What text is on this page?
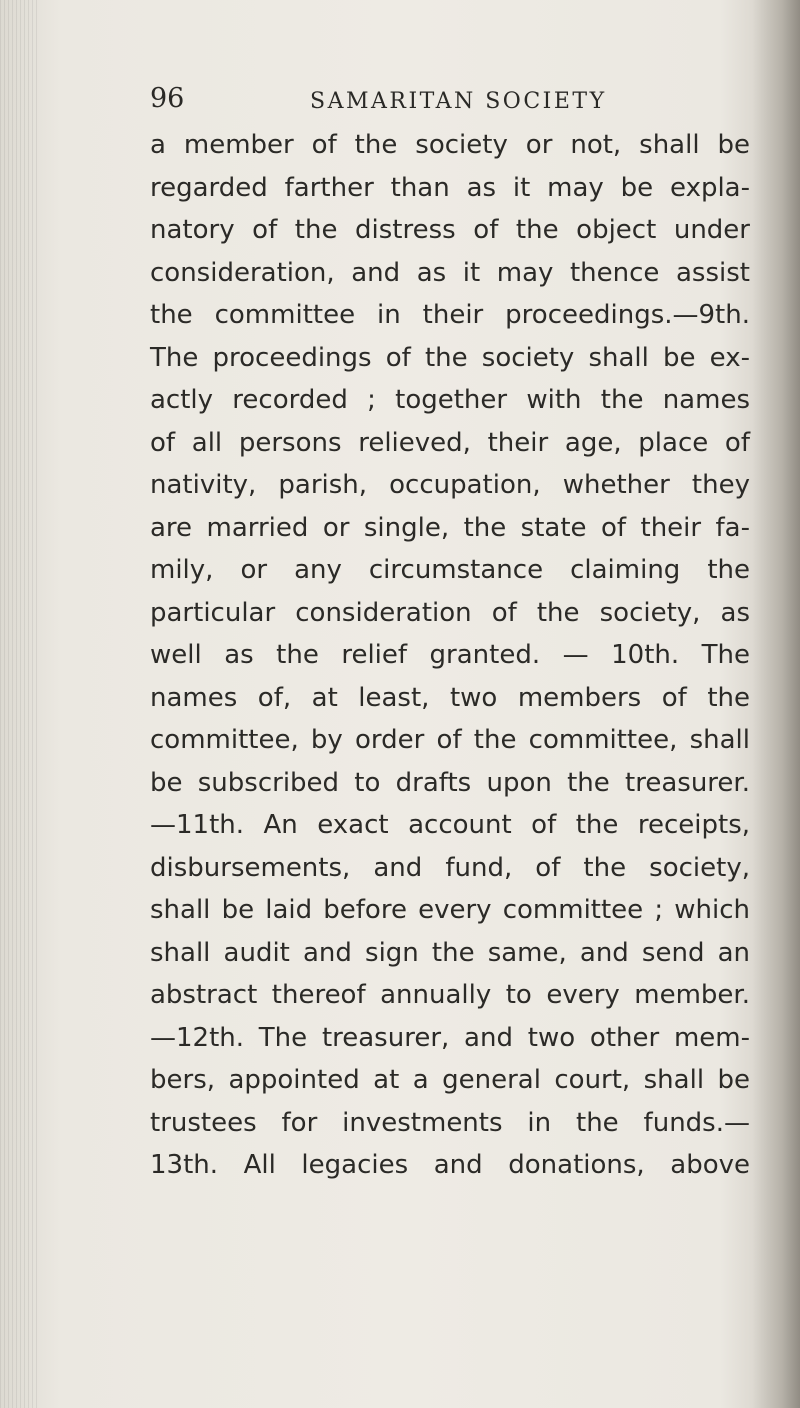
96	SAMARITAN SOCIETY
a member of the society or not, shall be
regarded farther than as it may be expla-
natory of the distress of the object under
consideration, and as it may thence assist
the committee in their proceedings.—9th.
The proceedings of the society shall be ex-
actly recorded ; together with the names
of all persons relieved, their age, place of
nativity, parish, occupation, whether they
are married or single, the state of their fa-
mily, or any circumstance claiming the
particular consideration of the society, as
well as the relief granted. — 10th. The
names of, at least, two members of the
committee, by order of the committee, shall
be subscribed to drafts upon the treasurer.
—11th. An exact account of the receipts,
disbursements, and fund, of the society,
shall be laid before every committee ; which
shall audit and sign the same, and send an
abstract thereof annually to every member.
—12th. The treasurer, and two other mem-
bers, appointed at a general court, shall be
trustees for investments in the funds.—
13th. All legacies and donations, above
